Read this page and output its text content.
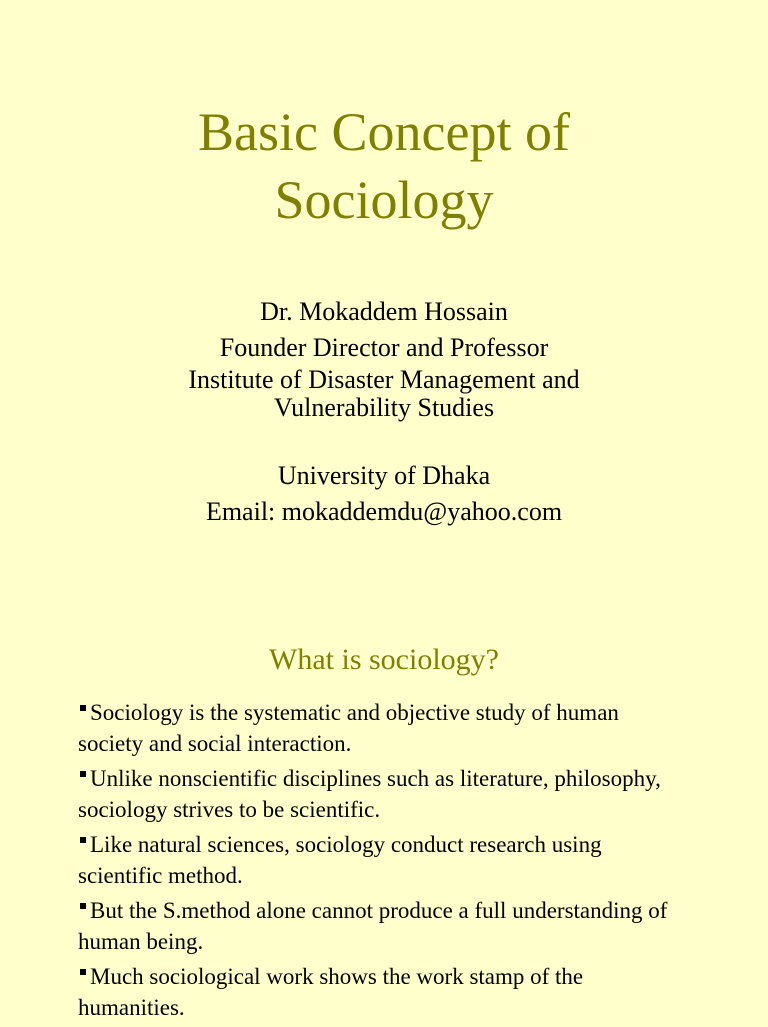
Basic Concept of
Sociology
Dr. Mokaddem Hossain
Founder Director and Professor
Institute of Disaster Management and
Vulnerability Studies
University of Dhaka
Email: mokaddemdu@yahoo.com
What is sociology?
Sociology is the systematic and objective study of human society and social interaction.
Unlike nonscientific disciplines such as literature, philosophy, sociology strives to be scientific.
Like natural sciences, sociology conduct research using scientific method.
But the S.method alone cannot produce a full understanding of human being.
Much sociological work shows the work stamp of the humanities.
